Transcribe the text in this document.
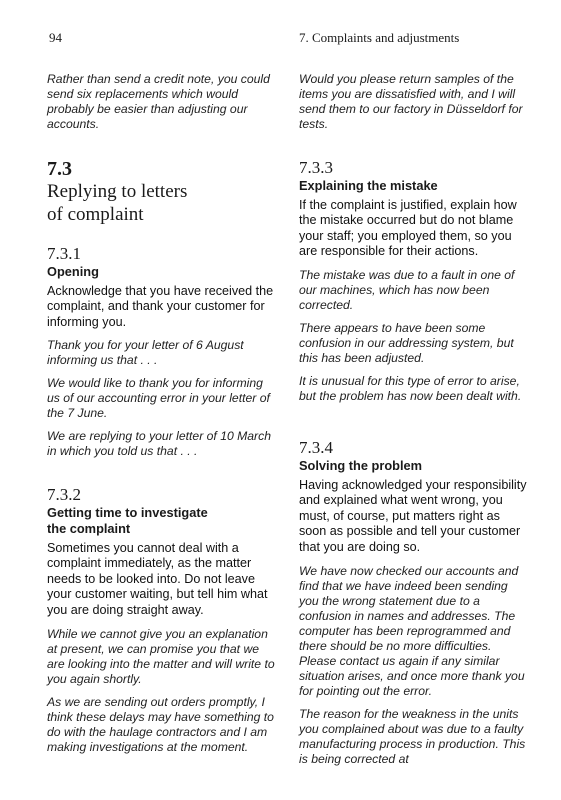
94	7. Complaints and adjustments

Rather than send a credit note, you could send six replacements which would probably be easier than adjusting our accounts.

7.3
Replying to letters
of complaint
7.3.1
Opening

Acknowledge that you have received the complaint, and thank your customer for informing you.

Thank you for your letter of 6 August informing us that . . .

We would like to thank you for informing us of our accounting error in your letter of the 7 June.

We are replying to your letter of 10 March in which you told us that . . .

7.3.2
Getting time to investigate
the complaint

Sometimes you cannot deal with a complaint immediately, as the matter needs to be looked into. Do not leave your customer waiting, but tell him what you are doing straight away.

While we cannot give you an explanation at present, we can promise you that we are looking into the matter and will write to you again shortly.

As we are sending out orders promptly, I think these delays may have something to do with the haulage contractors and I am making investigations at the moment.

Would you please return samples of the items you are dissatisfied with, and I will send them to our factory in Düsseldorf for tests.

7.3.3
Explaining the mistake

If the complaint is justified, explain how the mistake occurred but do not blame your staff; you employed them, so you are responsible for their actions.

The mistake was due to a fault in one of our machines, which has now been corrected.

There appears to have been some confusion in our addressing system, but this has been adjusted.

It is unusual for this type of error to arise, but the problem has now been dealt with.

7.3.4
Solving the problem

Having acknowledged your responsibility and explained what went wrong, you must, of course, put matters right as soon as possible and tell your customer that you are doing so.

We have now checked our accounts and find that we have indeed been sending you the wrong statement due to a confusion in names and addresses. The computer has been reprogrammed and there should be no more difficulties. Please contact us again if any similar situation arises, and once more thank you for pointing out the error.

The reason for the weakness in the units you complained about was due to a faulty manufacturing process in production. This is being corrected at
